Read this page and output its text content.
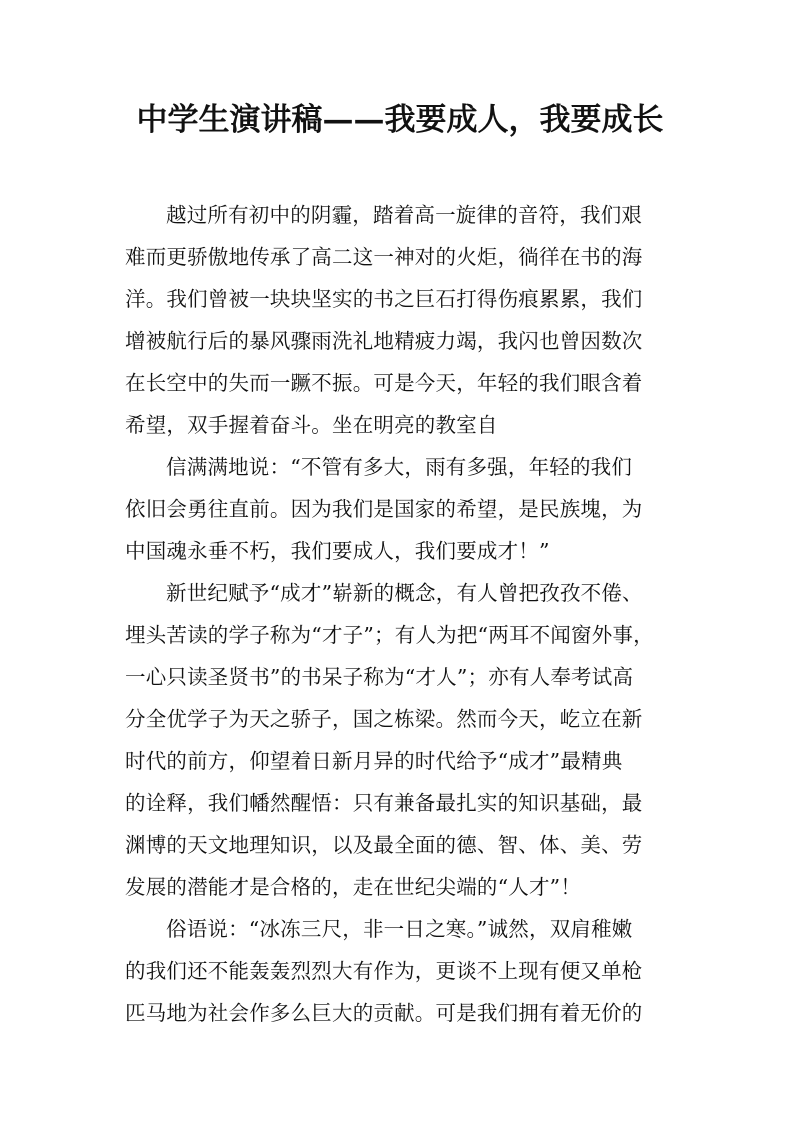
中学生演讲稿——我要成人，我要成长
越过所有初中的阴霾，踏着高一旋律的音符，我们艰
难而更骄傲地传承了高二这一神对的火炬，徜徉在书的海
洋。我们曾被一块块坚实的书之巨石打得伤痕累累，我们
增被航行后的暴风骤雨洗礼地精疲力竭，我闪也曾因数次
在长空中的失而一蹶不振。可是今天，年轻的我们眼含着
希望，双手握着奋斗。坐在明亮的教室自
信满满地说：“不管有多大，雨有多强，年轻的我们
依旧会勇往直前。因为我们是国家的希望，是民族塊，为
中国魂永垂不朽，我们要成人，我们要成才！”
新世纪赋予“成才”崭新的概念，有人曾把孜孜不倦、
埋头苦读的学子称为“才子”；有人为把“两耳不闻窗外事，
一心只读圣贤书”的书呆子称为“才人”；亦有人奉考试高
分全优学子为天之骄子，国之栋梁。然而今天，屹立在新
时代的前方，仰望着日新月异的时代给予“成才”最精典
的诠释，我们幡然醒悟：只有兼备最扎实的知识基础，最
渊博的天文地理知识，以及最全面的德、智、体、美、劳
发展的潜能才是合格的，走在世纪尖端的“人才”！
俗语说：“冰冻三尺，非一日之寒。”诚然，双肩稚嫩
的我们还不能轰轰烈烈大有作为，更谈不上现有便又单枪
匹马地为社会作多么巨大的贡献。可是我们拥有着无价的
